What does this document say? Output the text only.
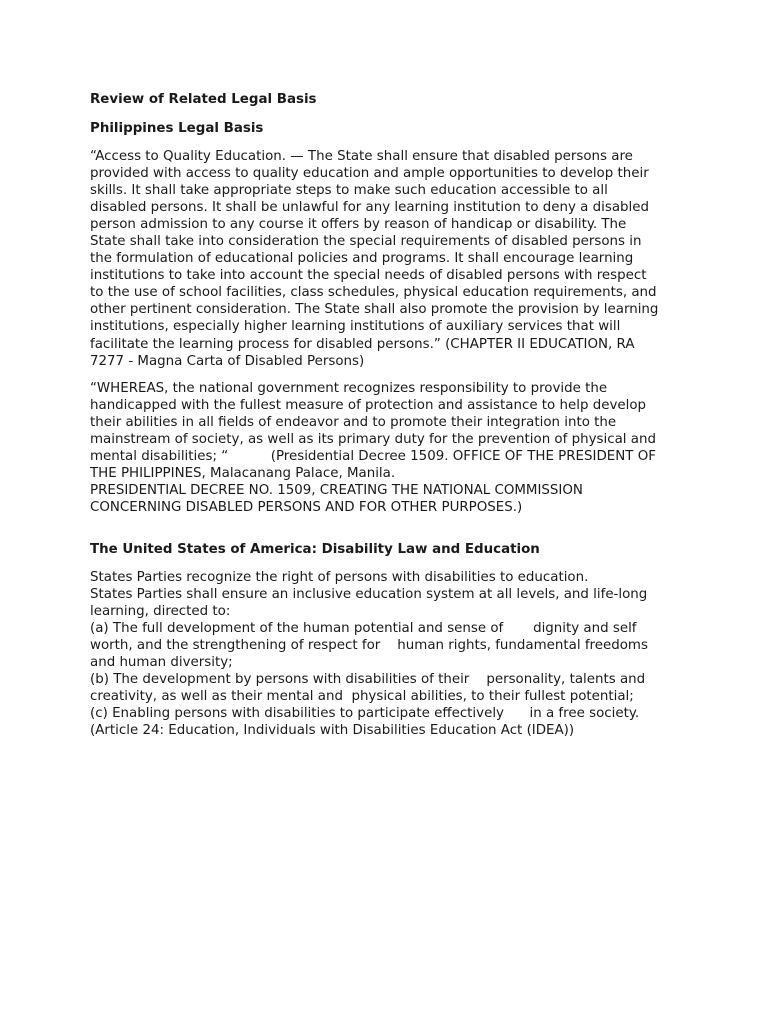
Review of Related Legal Basis
Philippines Legal Basis
“Access to Quality Education. — The State shall ensure that disabled persons are
provided with access to quality education and ample opportunities to develop their
skills. It shall take appropriate steps to make such education accessible to all
disabled persons. It shall be unlawful for any learning institution to deny a disabled
person admission to any course it offers by reason of handicap or disability. The
State shall take into consideration the special requirements of disabled persons in
the formulation of educational policies and programs. It shall encourage learning
institutions to take into account the special needs of disabled persons with respect
to the use of school facilities, class schedules, physical education requirements, and
other pertinent consideration. The State shall also promote the provision by learning
institutions, especially higher learning institutions of auxiliary services that will
facilitate the learning process for disabled persons.” (CHAPTER II EDUCATION, RA
7277 - Magna Carta of Disabled Persons)
“WHEREAS, the national government recognizes responsibility to provide the
handicapped with the fullest measure of protection and assistance to help develop
their abilities in all fields of endeavor and to promote their integration into the
mainstream of society, as well as its primary duty for the prevention of physical and
mental disabilities; “          (Presidential Decree 1509. OFFICE OF THE PRESIDENT OF
THE PHILIPPINES, Malacanang Palace, Manila.
PRESIDENTIAL DECREE NO. 1509, CREATING THE NATIONAL COMMISSION
CONCERNING DISABLED PERSONS AND FOR OTHER PURPOSES.)
The United States of America: Disability Law and Education
States Parties recognize the right of persons with disabilities to education.
States Parties shall ensure an inclusive education system at all levels, and life-long
learning, directed to:
(a) The full development of the human potential and sense of       dignity and self
worth, and the strengthening of respect for    human rights, fundamental freedoms
and human diversity;
(b) The development by persons with disabilities of their    personality, talents and
creativity, as well as their mental and  physical abilities, to their fullest potential;
(c) Enabling persons with disabilities to participate effectively      in a free society.
(Article 24: Education, Individuals with Disabilities Education Act (IDEA))
